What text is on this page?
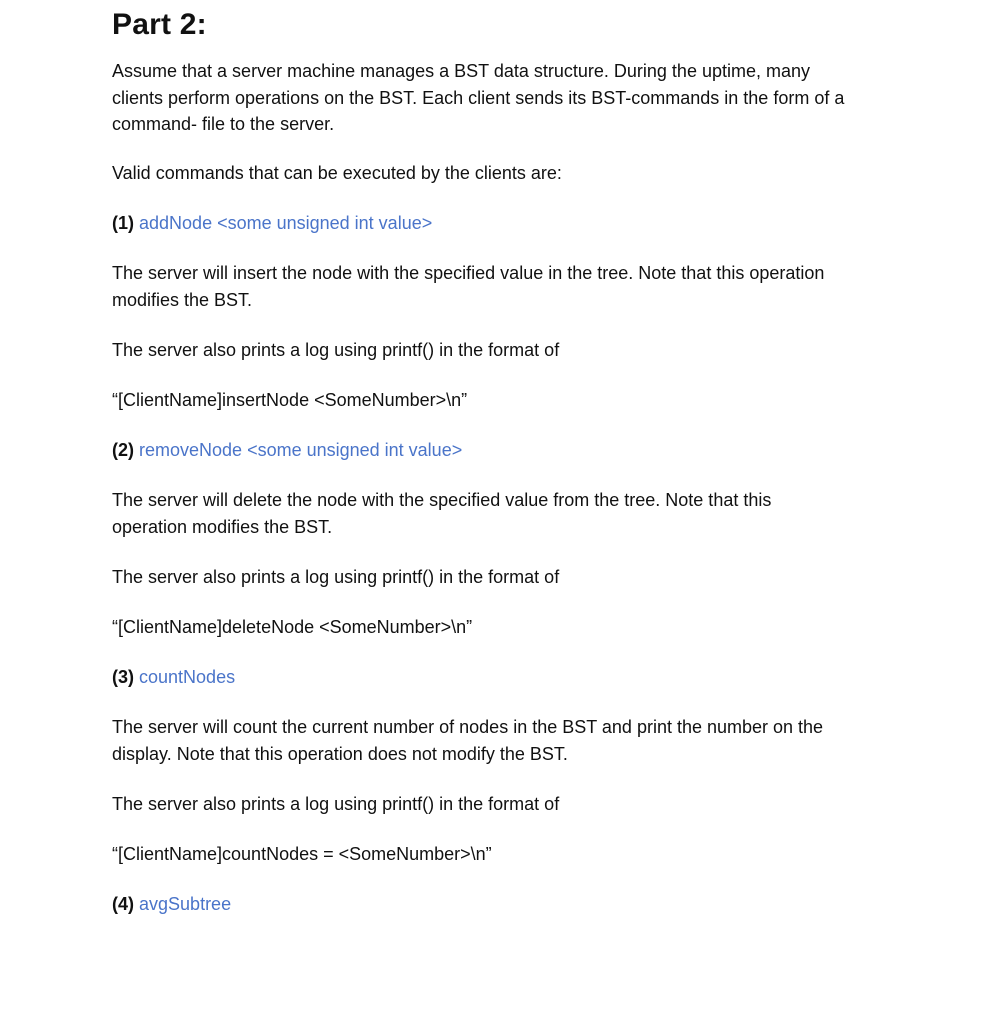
Part 2:

Assume that a server machine manages a BST data structure. During the uptime, many
clients perform operations on the BST. Each client sends its BST-commands in the form of a
command- file to the server.

Valid commands that can be executed by the clients are:

(1) addNode <some unsigned int value>

The server will insert the node with the specified value in the tree. Note that this operation
modifies the BST.

The server also prints a log using printf() in the format of

“[ClientName]insertNode <SomeNumber>\n”

(2) removeNode <some unsigned int value>

The server will delete the node with the specified value from the tree. Note that this
operation modifies the BST.

The server also prints a log using printf() in the format of

“[ClientName]deleteNode <SomeNumber>\n”

(3) countNodes

The server will count the current number of nodes in the BST and print the number on the
display. Note that this operation does not modify the BST.

The server also prints a log using printf() in the format of

“[ClientName]countNodes = <SomeNumber>\n”

(4) avgSubtree
